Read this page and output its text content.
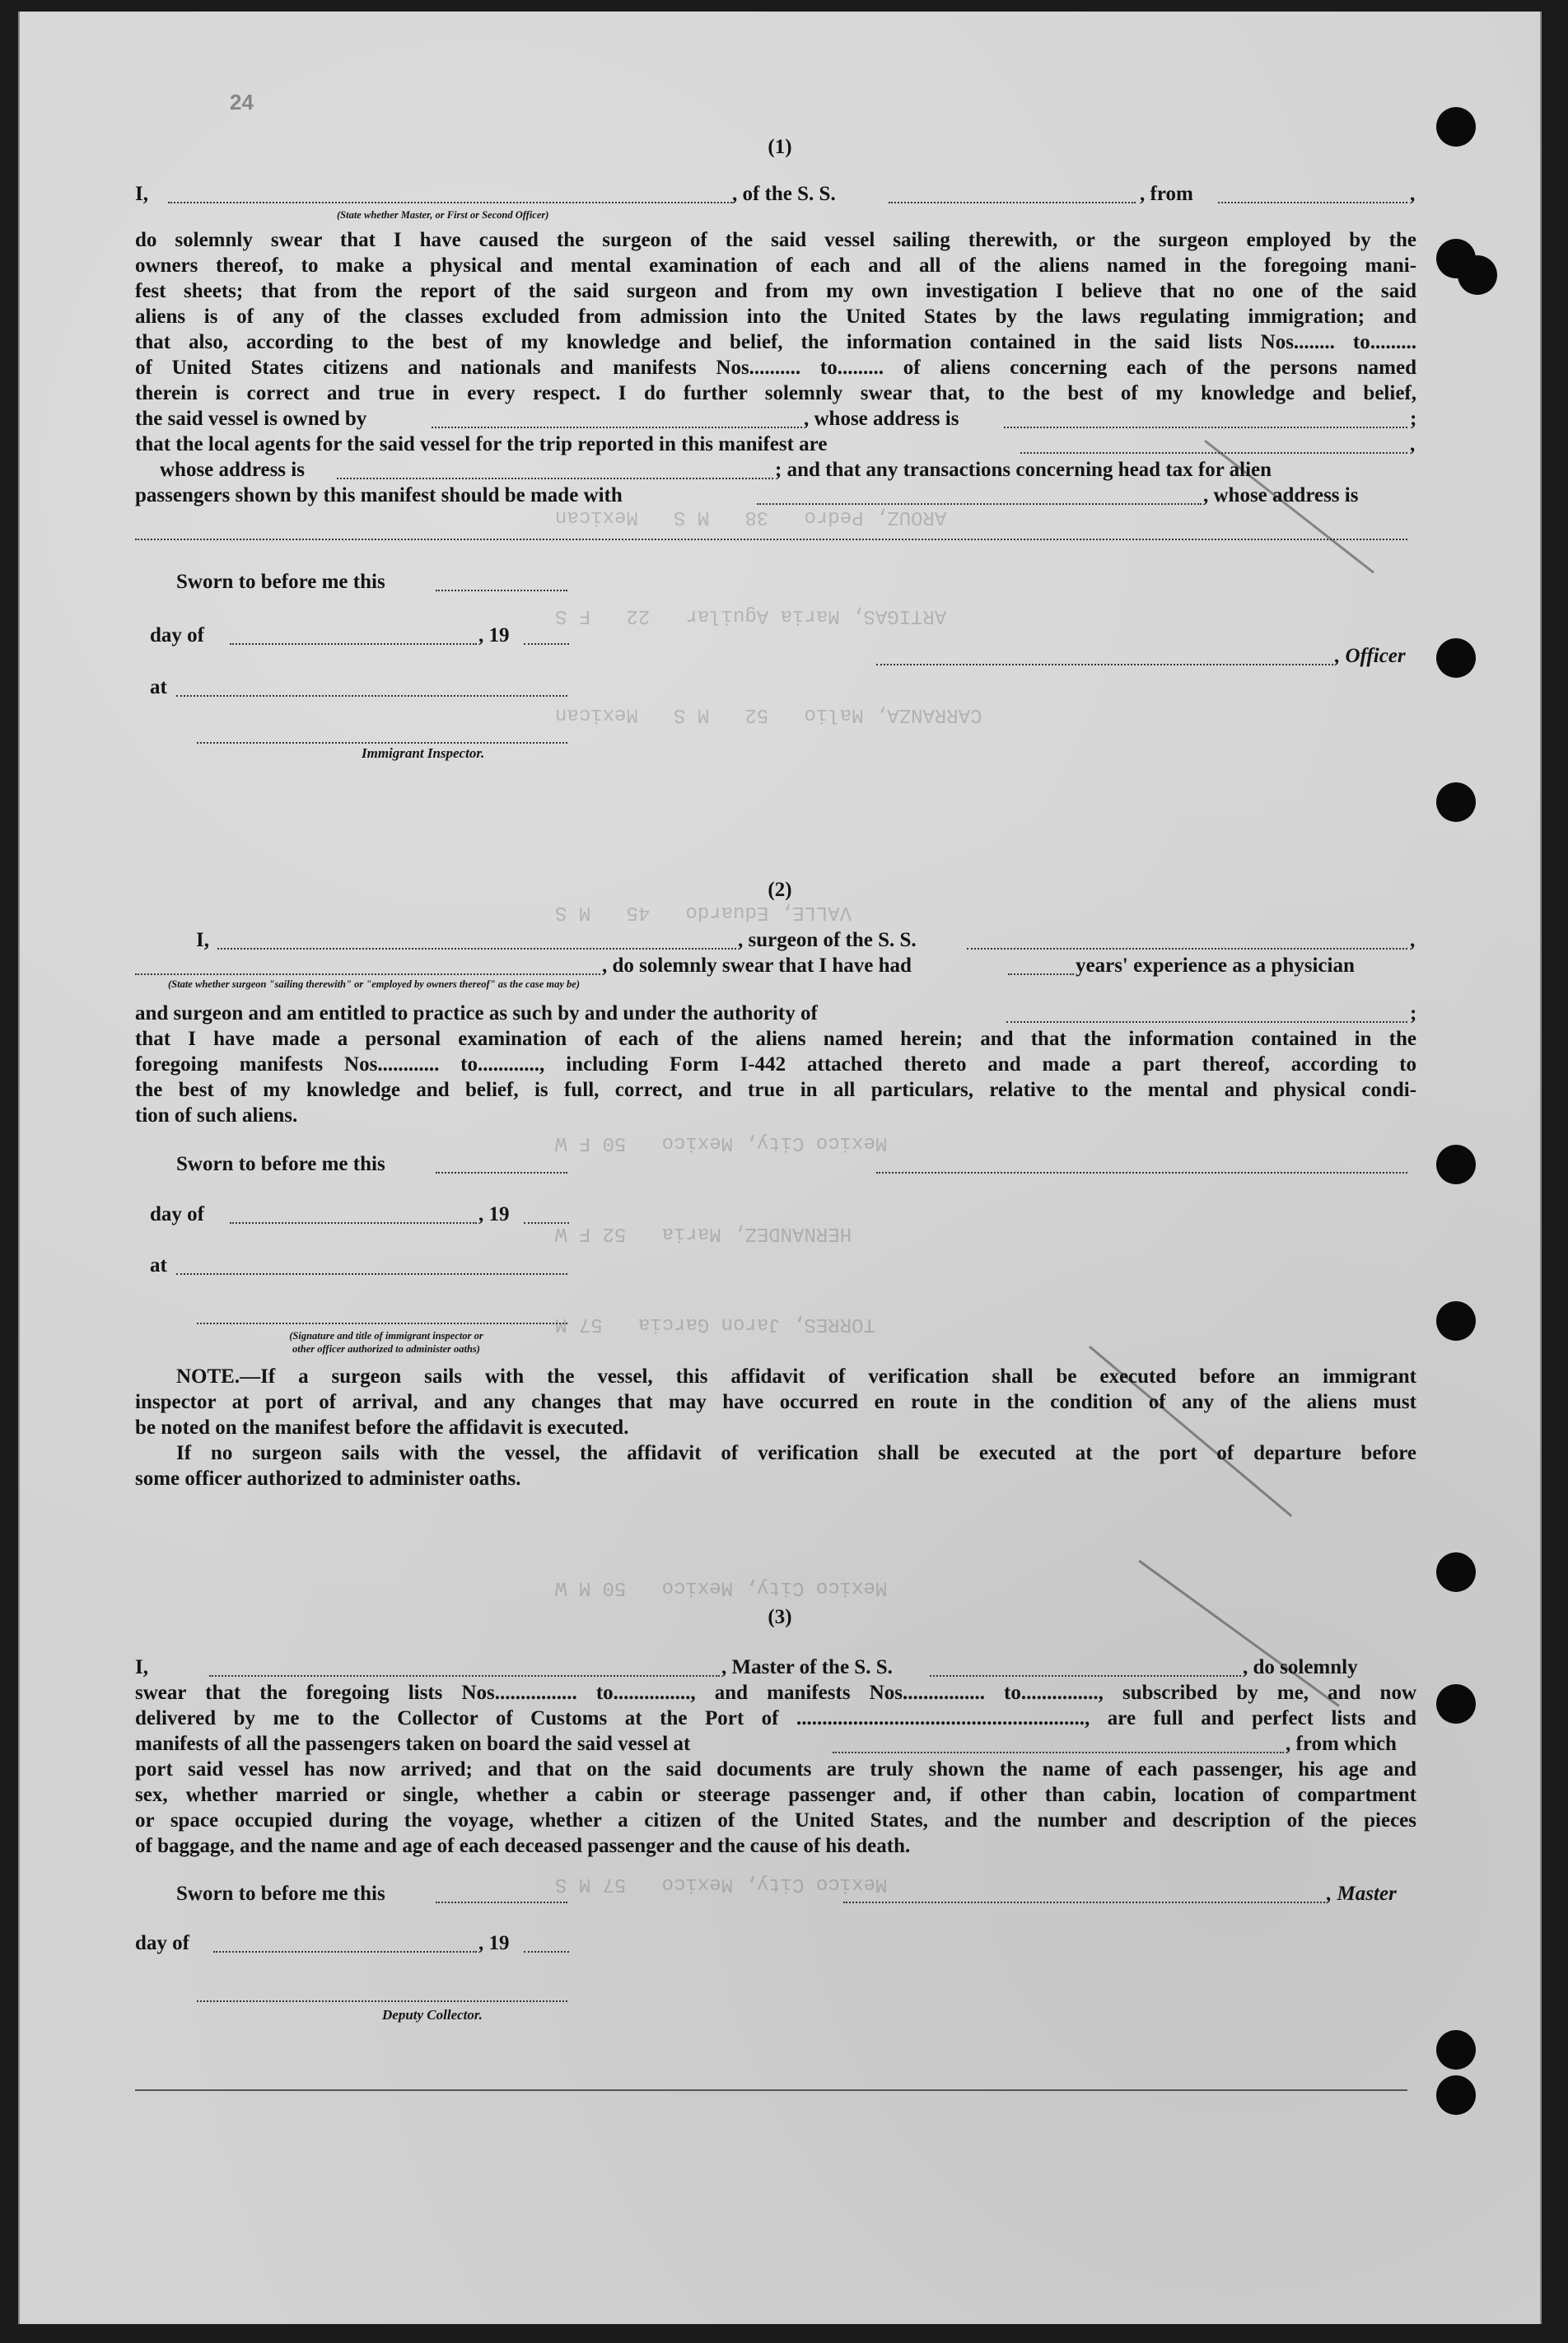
AROUZ, Pedro   38   M S   Mexican
ARTIGAS, Maria Aguilar   22   F S
CARRANZA, Malio   52   M S   Mexican
VALLE, Eduardo   45   M S
Mexico City, Mexico   50 F W
HERNANDEZ, Maria   52 F W
TORRES, Jaron Garcia   57 M
Mexico City, Mexico   50 M W
Mexico City, Mexico   57 M S
24
(1)
I,	, of the S. S.	, from	,
(State whether Master, or First or Second Officer)
do solemnly swear that I have caused the surgeon of the said vessel sailing therewith, or the surgeon employed by the
owners thereof, to make a physical and mental examination of each and all of the aliens named in the foregoing mani-
fest sheets; that from the report of the said surgeon and from my own investigation I believe that no one of the said
aliens is of any of the classes excluded from admission into the United States by the laws regulating immigration; and
that also, according to the best of my knowledge and belief, the information contained in the said lists Nos........ to.........
of United States citizens and nationals and manifests Nos.......... to......... of aliens concerning each of the persons named
therein is correct and true in every respect. I do further solemnly swear that, to the best of my knowledge and belief,
the said vessel is owned by	, whose address is	;
that the local agents for the said vessel for the trip reported in this manifest are	,
whose address is	; and that any transactions concerning head tax for alien
passengers shown by this manifest should be made with	, whose address is
Sworn to before me this
day of	, 19
, Officer
at
Immigrant Inspector.
(2)
I,	, surgeon of the S. S.	,
, do solemnly swear that I have had	years' experience as a physician
(State whether surgeon "sailing therewith" or "employed by owners thereof" as the case may be)
and surgeon and am entitled to practice as such by and under the authority of	;
that I have made a personal examination of each of the aliens named herein; and that the information contained in the
foregoing manifests Nos............ to............, including Form I-442 attached thereto and made a part thereof, according to
the best of my knowledge and belief, is full, correct, and true in all particulars, relative to the mental and physical condi-
tion of such aliens.
Sworn to before me this
day of	, 19
at
(Signature and title of immigrant inspector or
other officer authorized to administer oaths)
NOTE.—If a surgeon sails with the vessel, this affidavit of verification shall be executed before an immigrant
inspector at port of arrival, and any changes that may have occurred en route in the condition of any of the aliens must
be noted on the manifest before the affidavit is executed.
If no surgeon sails with the vessel, the affidavit of verification shall be executed at the port of departure before
some officer authorized to administer oaths.
(3)
I,	, Master of the S. S.	, do solemnly
swear that the foregoing lists Nos................ to..............., and manifests Nos................ to..............., subscribed by me, and now
delivered by me to the Collector of Customs at the Port of ........................................................, are full and perfect lists and
manifests of all the passengers taken on board the said vessel at	, from which
port said vessel has now arrived; and that on the said documents are truly shown the name of each passenger, his age and
sex, whether married or single, whether a cabin or steerage passenger and, if other than cabin, location of compartment
or space occupied during the voyage, whether a citizen of the United States, and the number and description of the pieces
of baggage, and the name and age of each deceased passenger and the cause of his death.
Sworn to before me this	, Master
day of	, 19
Deputy Collector.
